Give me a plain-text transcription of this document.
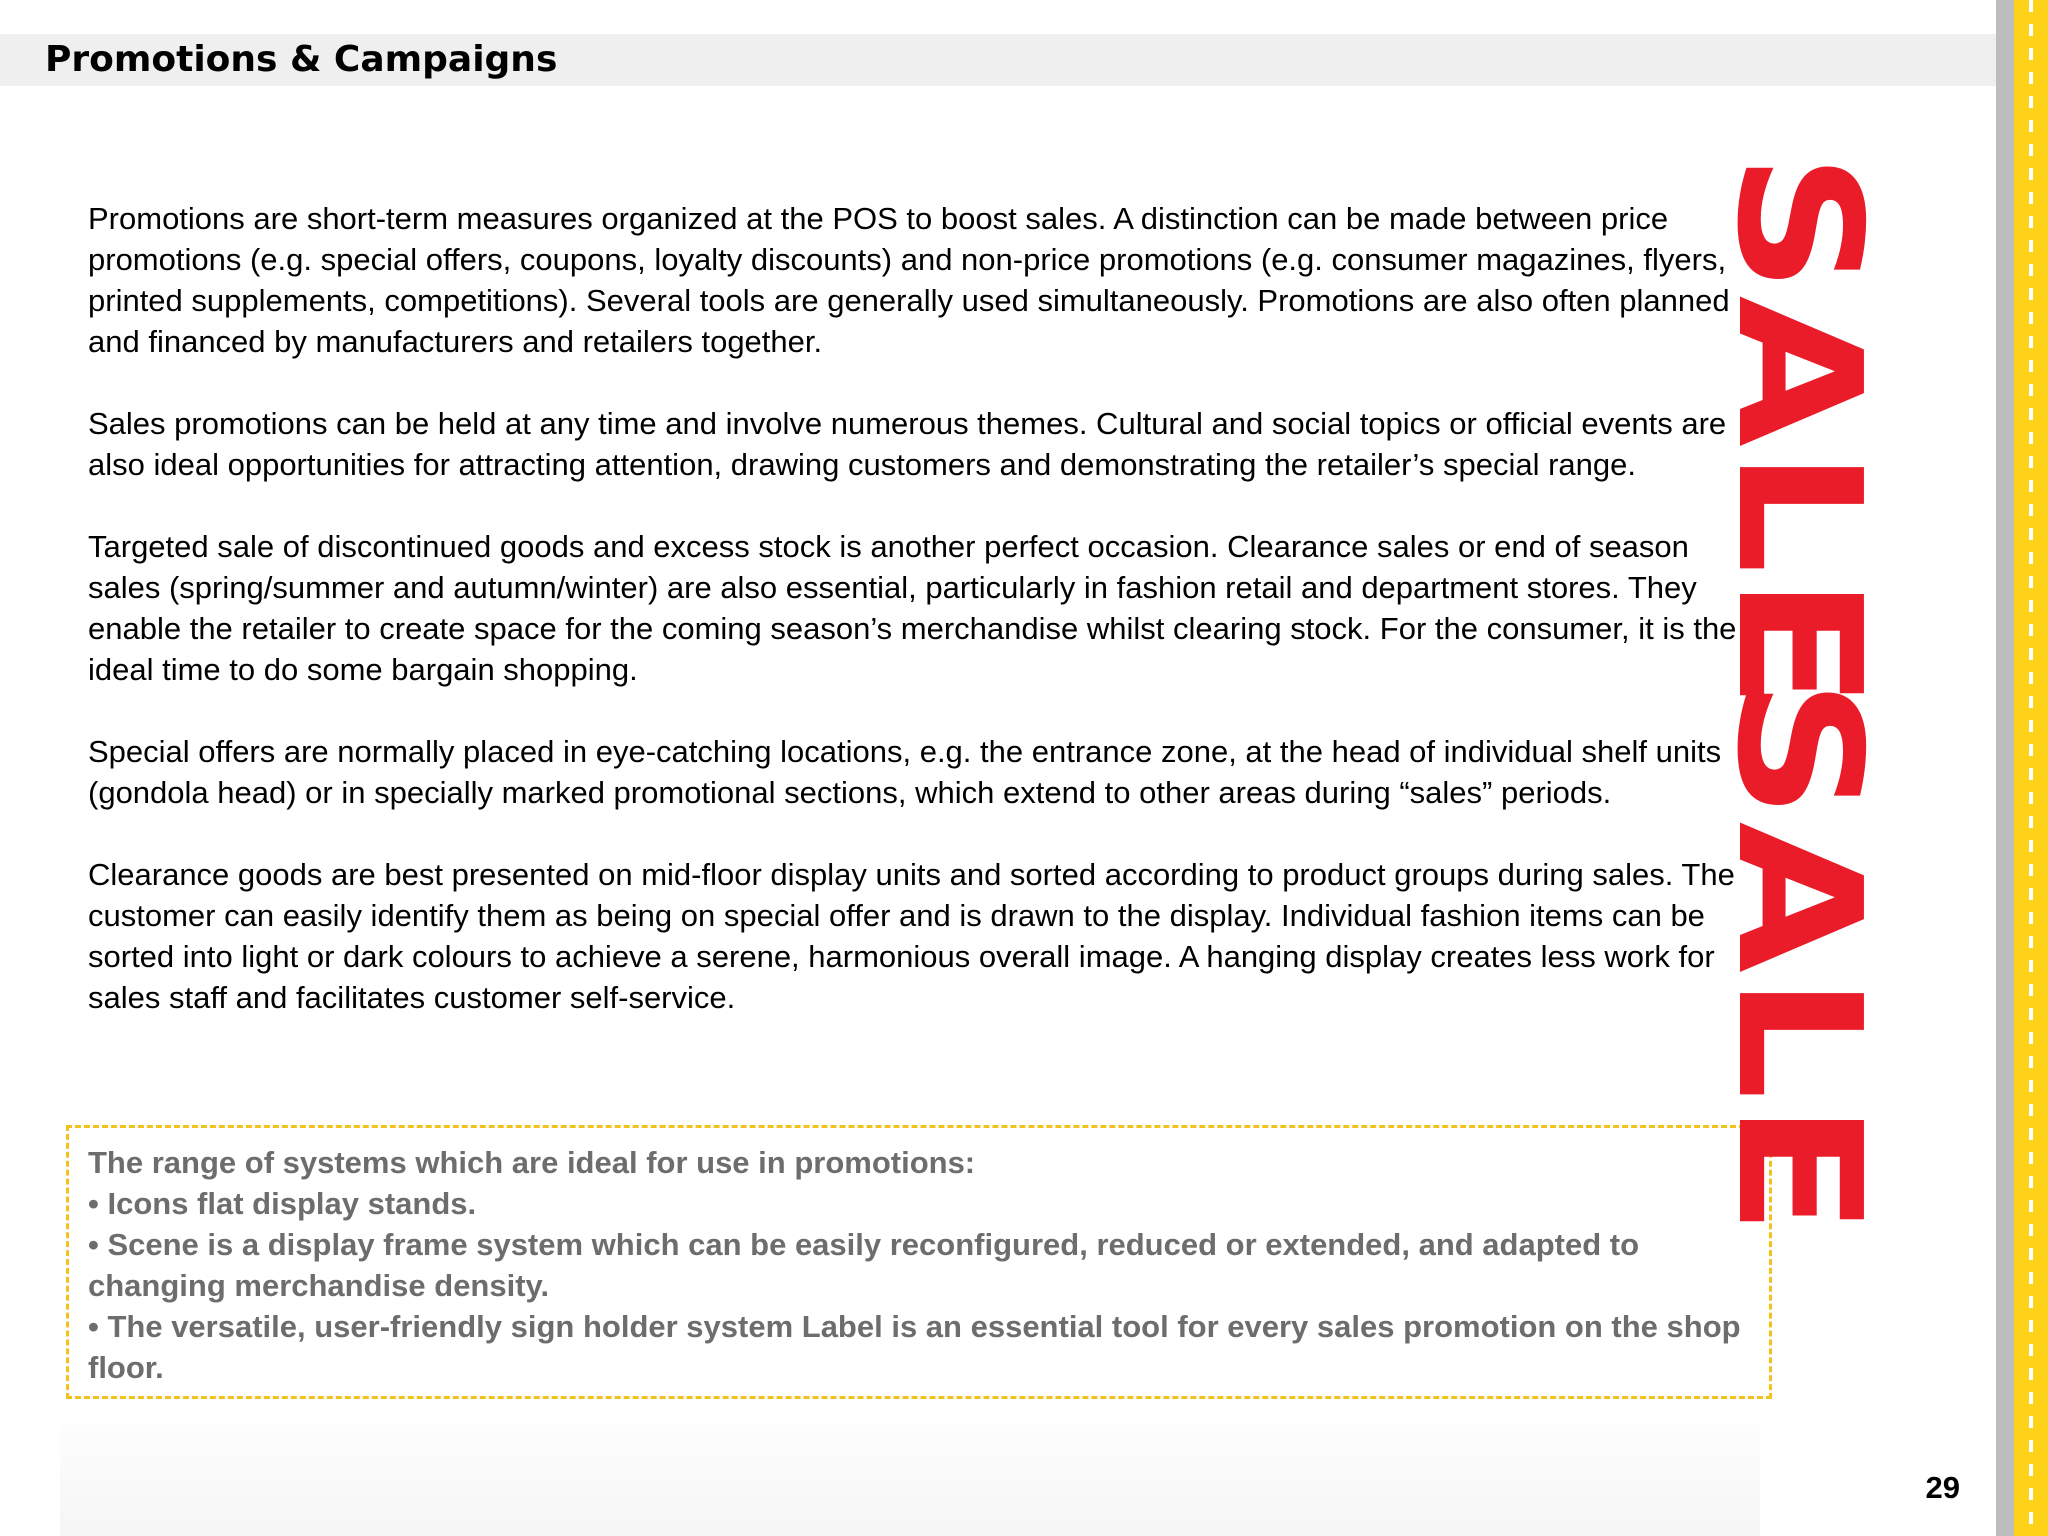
Promotions & Campaigns

Promotions are short-term measures organized at the POS to boost sales. A distinction can be made between price promotions (e.g. special offers, coupons, loyalty discounts) and non-price promotions (e.g. consumer magazines, flyers, printed supplements, competitions). Several tools are generally used simultaneously. Promotions are also often planned and financed by manufacturers and retailers together.

Sales promotions can be held at any time and involve numerous themes. Cultural and social topics or official events are also ideal opportunities for attracting attention, drawing customers and demonstrating the retailer’s special range.

Targeted sale of discontinued goods and excess stock is another perfect occasion. Clearance sales or end of season sales (spring/summer and autumn/winter) are also essential, particularly in fashion retail and department stores. They enable the retailer to create space for the coming season’s merchandise whilst clearing stock. For the consumer, it is the ideal time to do some bargain shopping.

Special offers are normally placed in eye-catching locations, e.g. the entrance zone, at the head of individual shelf units (gondola head) or in specially marked promotional sections, which extend to other areas during “sales” periods.

Clearance goods are best presented on mid-floor display units and sorted according to product groups during sales. The customer can easily identify them as being on special offer and is drawn to the display. Individual fashion items can be sorted into light or dark colours to achieve a serene, harmonious overall image. A hanging display creates less work for sales staff and facilitates customer self-service.

The range of systems which are ideal for use in promotions:
• Icons flat display stands.
• Scene is a display frame system which can be easily reconfigured, reduced or extended, and adapted to changing merchandise density.
• The versatile, user-friendly sign holder system Label is an essential tool for every sales promotion on the shop floor.
SALE
SALE
29
